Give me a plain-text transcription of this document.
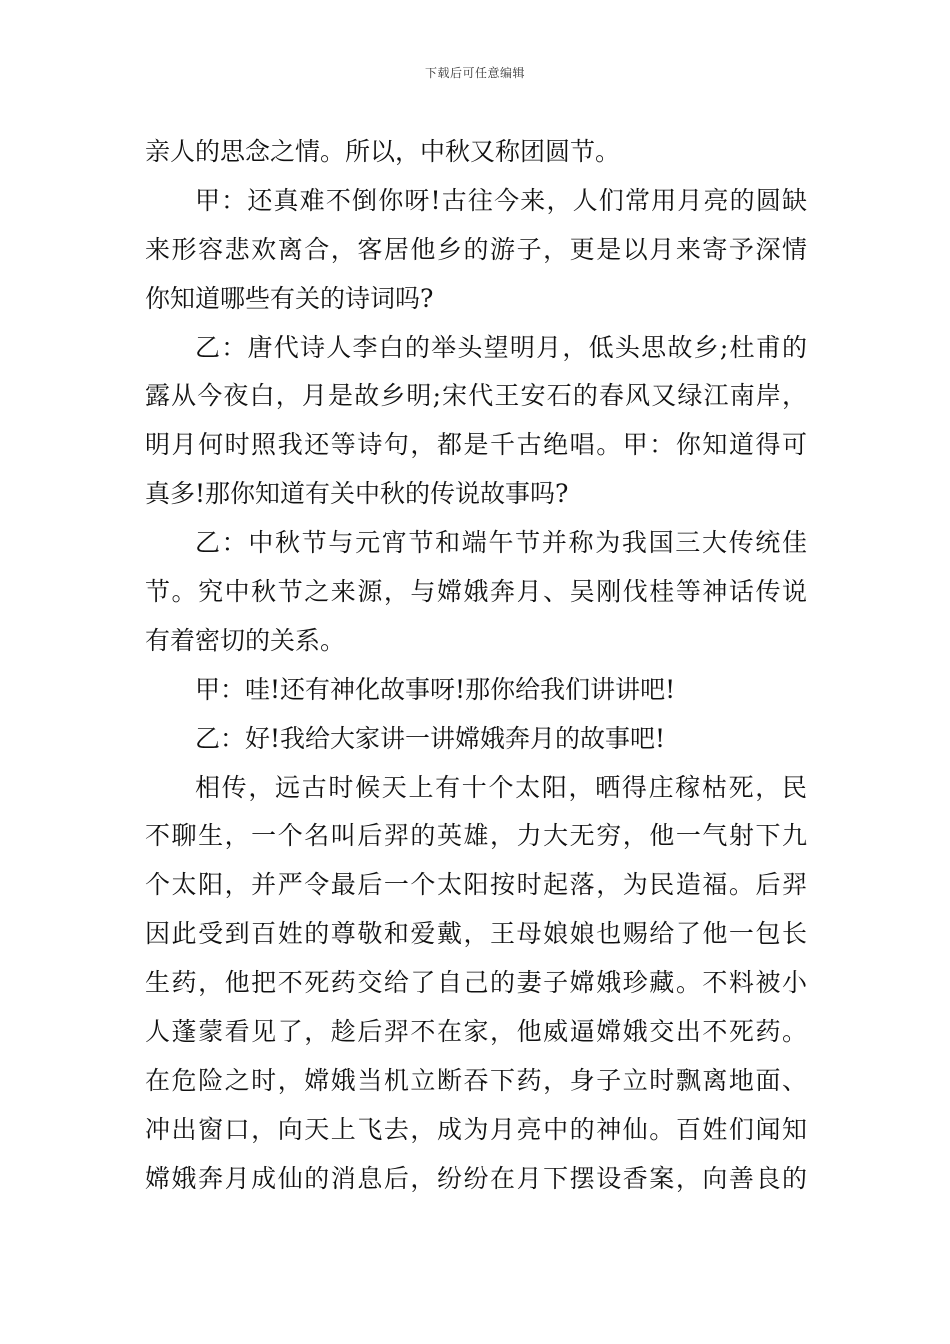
下载后可任意编辑
亲人的思念之情。所以，中秋又称团圆节。
甲：还真难不倒你呀!古往今来，人们常用月亮的圆缺
来形容悲欢离合，客居他乡的游子，更是以月来寄予深情
你知道哪些有关的诗词吗?
乙：唐代诗人李白的举头望明月，低头思故乡;杜甫的
露从今夜白，月是故乡明;宋代王安石的春风又绿江南岸，
明月何时照我还等诗句，都是千古绝唱。甲：你知道得可
真多!那你知道有关中秋的传说故事吗?
乙：中秋节与元宵节和端午节并称为我国三大传统佳
节。究中秋节之来源，与嫦娥奔月、吴刚伐桂等神话传说
有着密切的关系。
甲：哇!还有神化故事呀!那你给我们讲讲吧!
乙：好!我给大家讲一讲嫦娥奔月的故事吧!
相传，远古时候天上有十个太阳，晒得庄稼枯死，民
不聊生，一个名叫后羿的英雄，力大无穷，他一气射下九
个太阳，并严令最后一个太阳按时起落，为民造福。后羿
因此受到百姓的尊敬和爱戴，王母娘娘也赐给了他一包长
生药，他把不死药交给了自己的妻子嫦娥珍藏。不料被小
人蓬蒙看见了，趁后羿不在家，他威逼嫦娥交出不死药。
在危险之时，嫦娥当机立断吞下药，身子立时飘离地面、
冲出窗口，向天上飞去，成为月亮中的神仙。百姓们闻知
嫦娥奔月成仙的消息后，纷纷在月下摆设香案，向善良的
